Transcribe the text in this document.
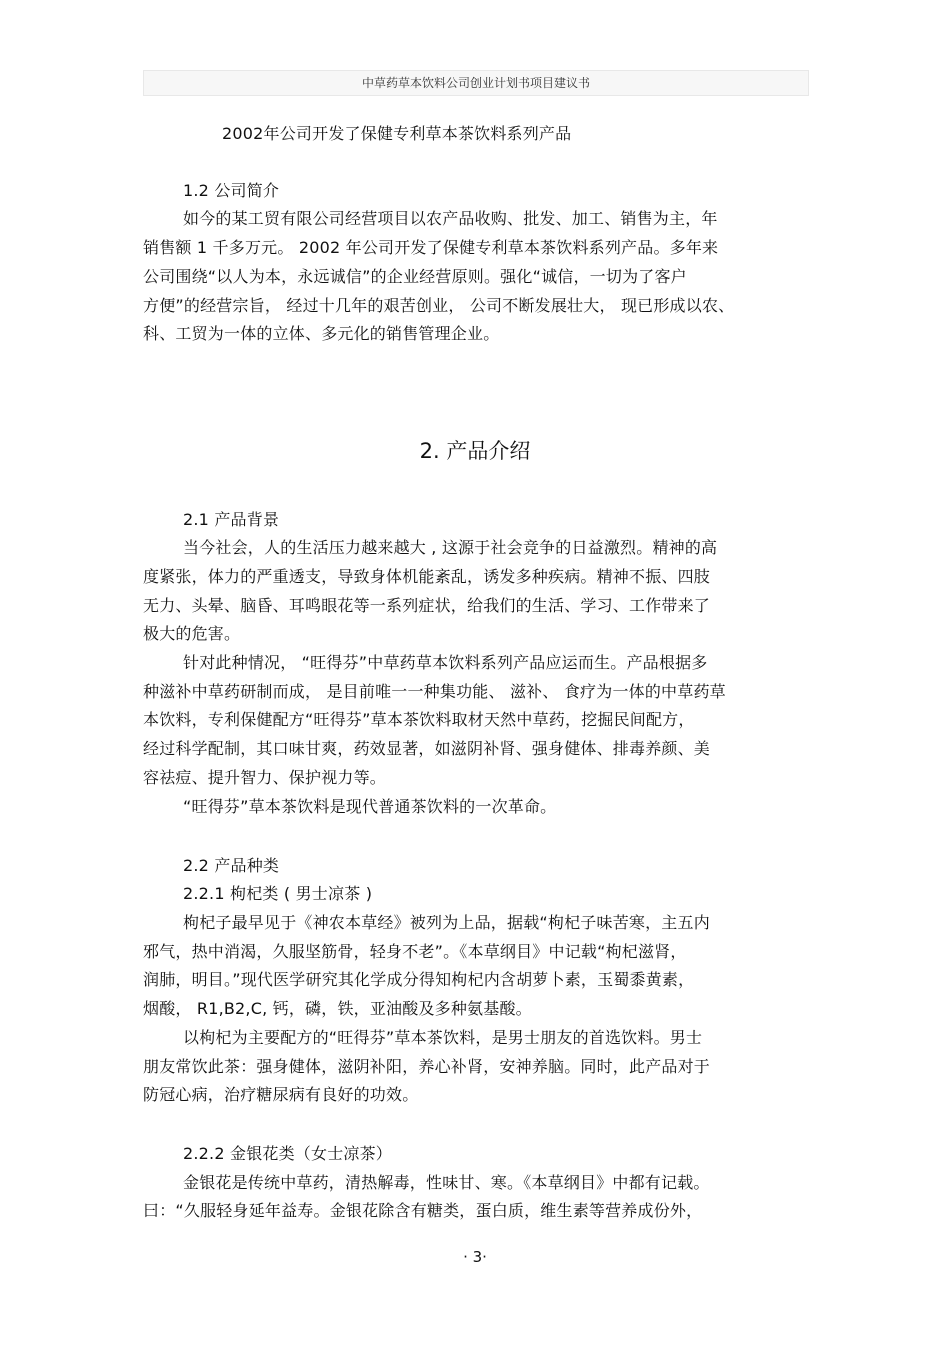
中草药草本饮料公司创业计划书项目建议书
2002年公司开发了保健专利草本茶饮料系列产品
1.2 公司简介
如今的某工贸有限公司经营项目以农产品收购、批发、加工、销售为主，年
销售额 1 千多万元。 2002 年公司开发了保健专利草本茶饮料系列产品。多年来
公司围绕“以人为本，永远诚信”的企业经营原则。强化“诚信，一切为了客户
方便”的经营宗旨， 经过十几年的艰苦创业， 公司不断发展壮大， 现已形成以农、
科、工贸为一体的立体、多元化的销售管理企业。
2. 产品介绍
2.1 产品背景
当今社会，人的生活压力越来越大 , 这源于社会竞争的日益激烈。精神的高
度紧张，体力的严重透支，导致身体机能紊乱，诱发多种疾病。精神不振、四肢
无力、头晕、脑昏、耳鸣眼花等一系列症状，给我们的生活、学习、工作带来了
极大的危害。
针对此种情况， “旺得芬”中草药草本饮料系列产品应运而生。产品根据多
种滋补中草药研制而成， 是目前唯一一种集功能、 滋补、 食疗为一体的中草药草
本饮料，专利保健配方“旺得芬”草本茶饮料取材天然中草药，挖掘民间配方，
经过科学配制，其口味甘爽，药效显著，如滋阴补肾、强身健体、排毒养颜、美
容祛痘、提升智力、保护视力等。
“旺得芬”草本茶饮料是现代普通茶饮料的一次革命。
2.2 产品种类
2.2.1 枸杞类 ( 男士凉茶 )
枸杞子最早见于《神农本草经》被列为上品，据载“枸杞子味苦寒，主五内
邪气，热中消渴，久服坚筋骨，轻身不老”。《本草纲目》中记载“枸杞滋肾，
润肺，明目。”现代医学研究其化学成分得知枸杞内含胡萝卜素，玉蜀黍黄素，
烟酸， R1,B2,C, 钙，磷，铁，亚油酸及多种氨基酸。
以枸杞为主要配方的“旺得芬”草本茶饮料，是男士朋友的首选饮料。男士
朋友常饮此茶：强身健体，滋阴补阳，养心补肾，安神养脑。同时，此产品对于
防冠心病，治疗糖尿病有良好的功效。
2.2.2 金银花类（女士凉茶）
金银花是传统中草药，清热解毒，性味甘、寒。《本草纲目》中都有记载。
曰：“久服轻身延年益寿。金银花除含有糖类，蛋白质，维生素等营养成份外，
· 3·
